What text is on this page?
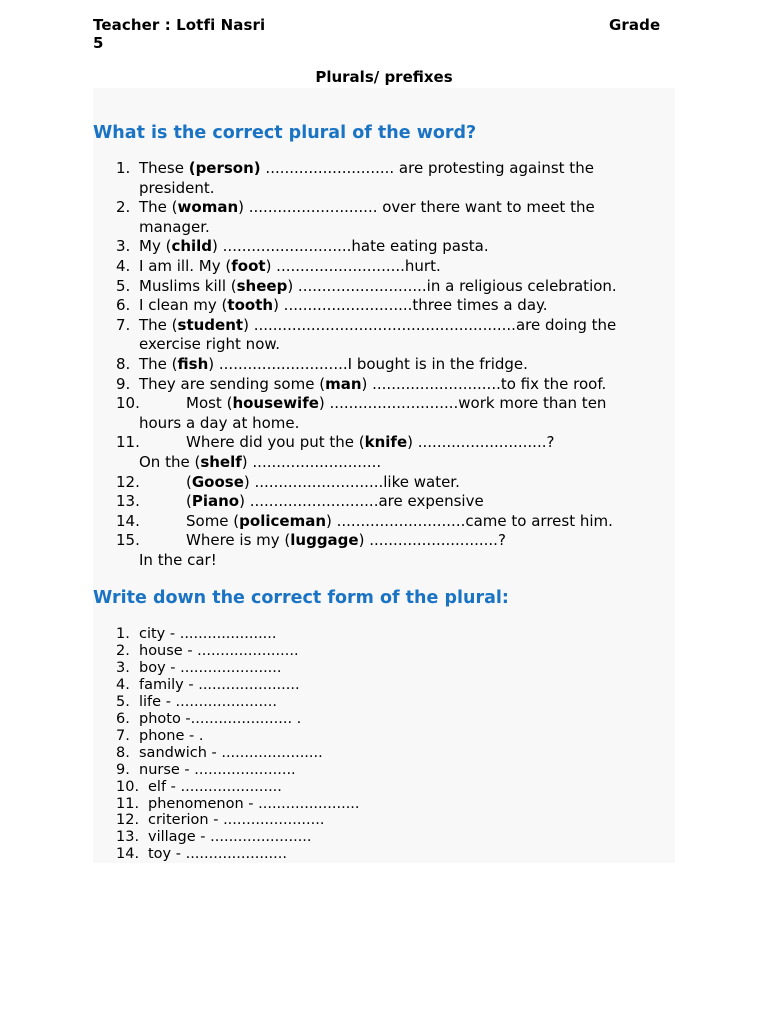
Teacher : Lotfi Nasri	Grade
5
Plurals/ prefixes
What is the correct plural of the word?
1. These (person) ........................... are protesting against the
president.
2. The (woman) ........................... over there want to meet the
manager.
3. My (child) ...........................hate eating pasta.
4. I am ill. My (foot) ...........................hurt.
5. Muslims kill (sheep) ...........................in a religious celebration.
6. I clean my (tooth) ...........................three times a day.
7. The (student) .......................................................are doing the
exercise right now.
8. The (fish) ...........................I bought is in the fridge.
9. They are sending some (man) ...........................to fix the roof.
10.	Most (housewife) ...........................work more than ten
hours a day at home.
11.	Where did you put the (knife) ...........................?
On the (shelf) ...........................
12.	(Goose) ...........................like water.
13.	(Piano) ...........................are expensive
14.	Some (policeman) ...........................came to arrest him.
15.	Where is my (luggage) ...........................?
In the car!
Write down the correct form of the plural:
1. city - .....................
2. house - ......................
3. boy - ......................
4. family - ......................
5. life - ......................
6. photo -...................... .
7. phone - .
8. sandwich - ......................
9. nurse - ......................
10. elf - ......................
11. phenomenon - ......................
12. criterion - ......................
13. village - ......................
14. toy - ......................
